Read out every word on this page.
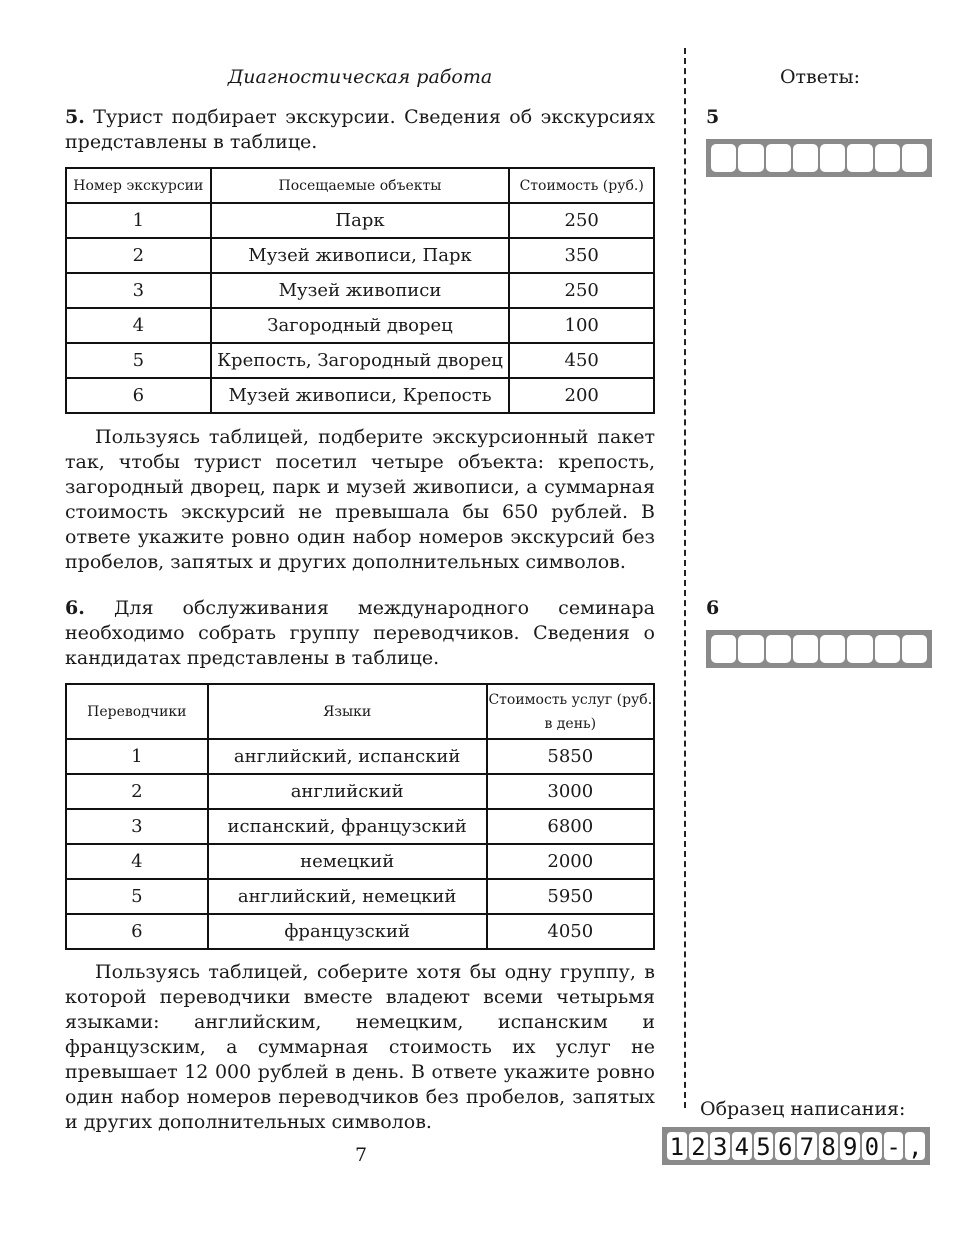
Диагностическая работа	Ответы:
5. Турист подбирает экскурсии. Сведения об экскурсиях представлены в таблице.
Номер экскурсии	Посещаемые объекты	Стоимость (руб.)
1	Парк	250
2	Музей живописи, Парк	350
3	Музей живописи	250
4	Загородный дворец	100
5	Крепость, Загородный дворец	450
6	Музей живописи, Крепость	200
Пользуясь таблицей, подберите экскурсионный пакет так, чтобы турист посетил четыре объекта: крепость, загородный дворец, парк и музей живописи, а суммарная стоимость экскурсий не превышала бы 650 рублей. В ответе укажите ровно один набор номеров экскурсий без пробелов, запятых и других дополнительных символов.
5
6. Для обслуживания международного семинара необходимо собрать группу переводчиков. Сведения о кандидатах представлены в таблице.
Переводчики	Языки	Стоимость услуг (руб. в день)
1	английский, испанский	5850
2	английский	3000
3	испанский, французский	6800
4	немецкий	2000
5	английский, немецкий	5950
6	французский	4050
Пользуясь таблицей, соберите хотя бы одну группу, в которой переводчики вместе владеют всеми четырьмя языками: английским, немецким, испанским и французским, а суммарная стоимость их услуг не превышает 12 000 рублей в день. В ответе укажите ровно один набор номеров переводчиков без пробелов, запятых и других дополнительных символов.
6
Образец написания:
1 2 3 4 5 6 7 8 9 0 - ,
7
